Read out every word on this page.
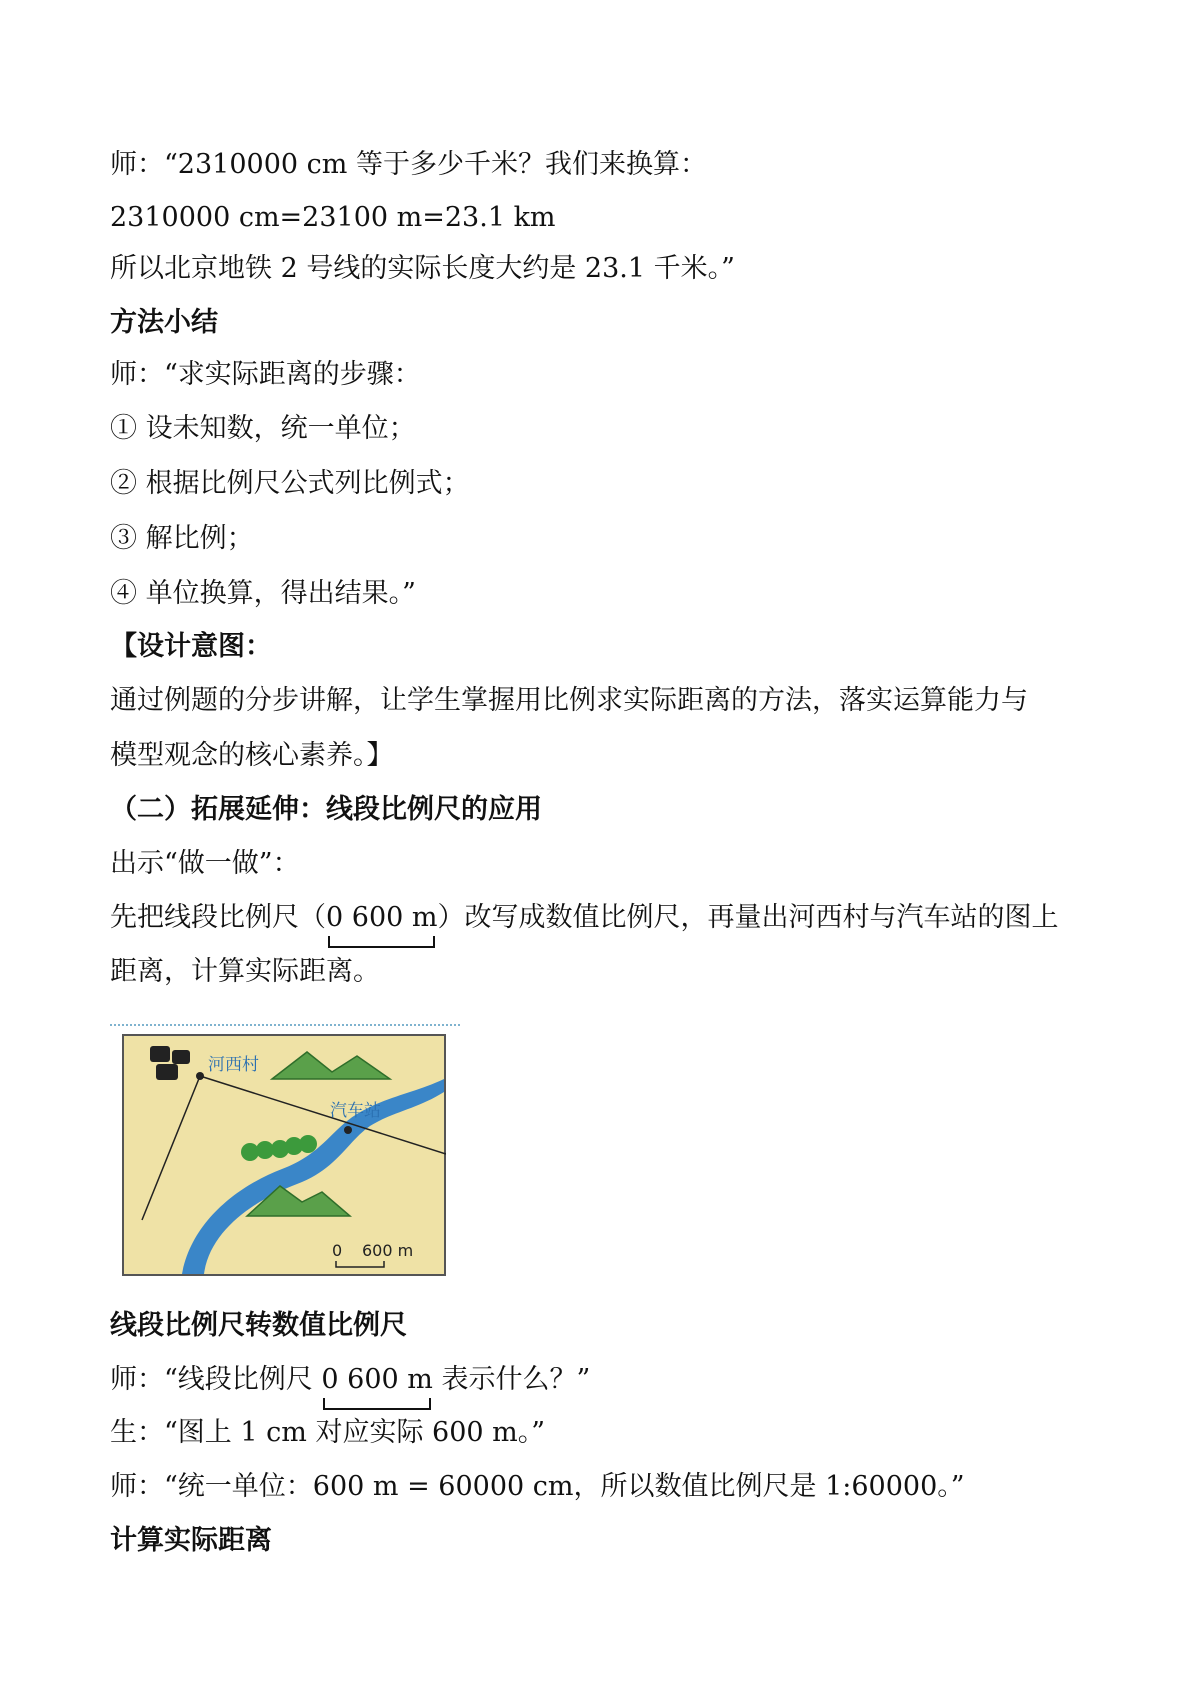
师：“2310000 cm 等于多少千米？我们来换算：
2310000 cm=23100 m=23.1 km
所以北京地铁 2 号线的实际长度大约是 23.1 千米。”
方法小结
师：“求实际距离的步骤：
① 设未知数，统一单位；
② 根据比例尺公式列比例式；
③ 解比例；
④ 单位换算，得出结果。”
【设计意图：
通过例题的分步讲解，让学生掌握用比例求实际距离的方法，落实运算能力与
模型观念的核心素养。】
（二）拓展延伸：线段比例尺的应用
出示“做一做”：
先把线段比例尺（0 600 m
）改写成数值比例尺，再量出河西村与汽车站的图上
距离，计算实际距离。
河西村
汽车站
0 600 m
线段比例尺转数值比例尺
师：“线段比例尺 0 600 m
表示什么？”
生：“图上 1 cm 对应实际 600 m。”
师：“统一单位：600 m = 60000 cm，所以数值比例尺是 1:60000。”
计算实际距离
